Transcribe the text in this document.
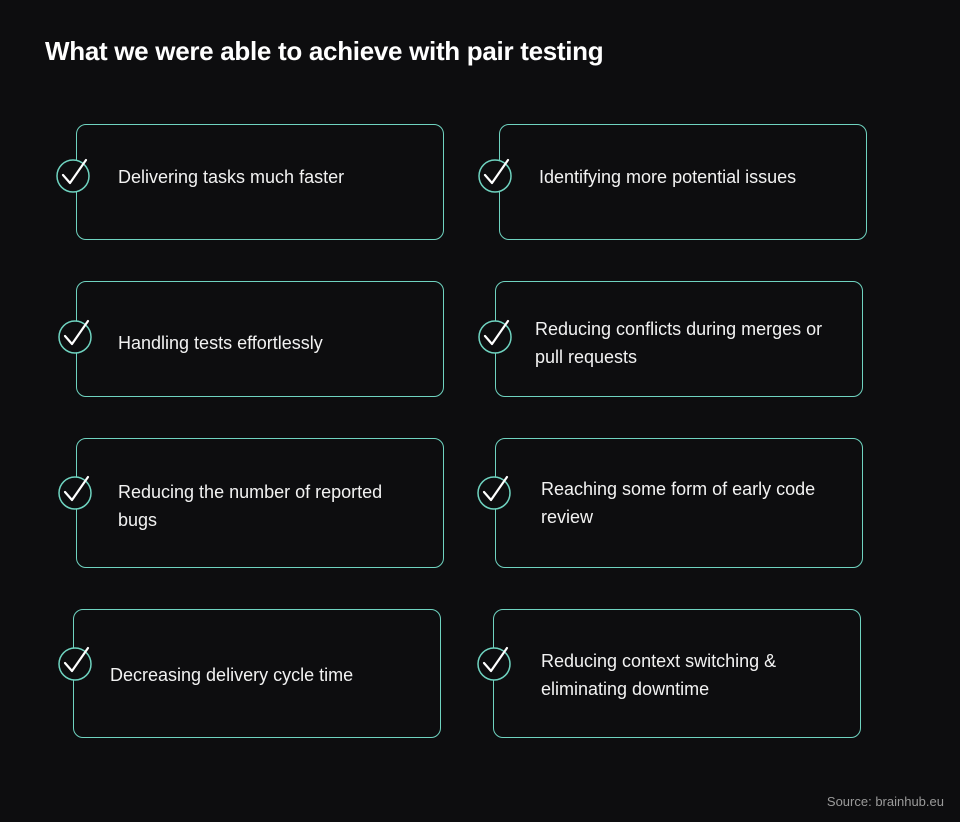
What we were able to achieve with pair testing
Delivering tasks much faster	Identifying more potential issues
Handling tests effortlessly
Reducing conflicts during merges or pull requests
Reducing the number of reported bugs
Reaching some form of early code review
Decreasing delivery cycle time
Reducing context switching & eliminating downtime
Source: brainhub.eu
